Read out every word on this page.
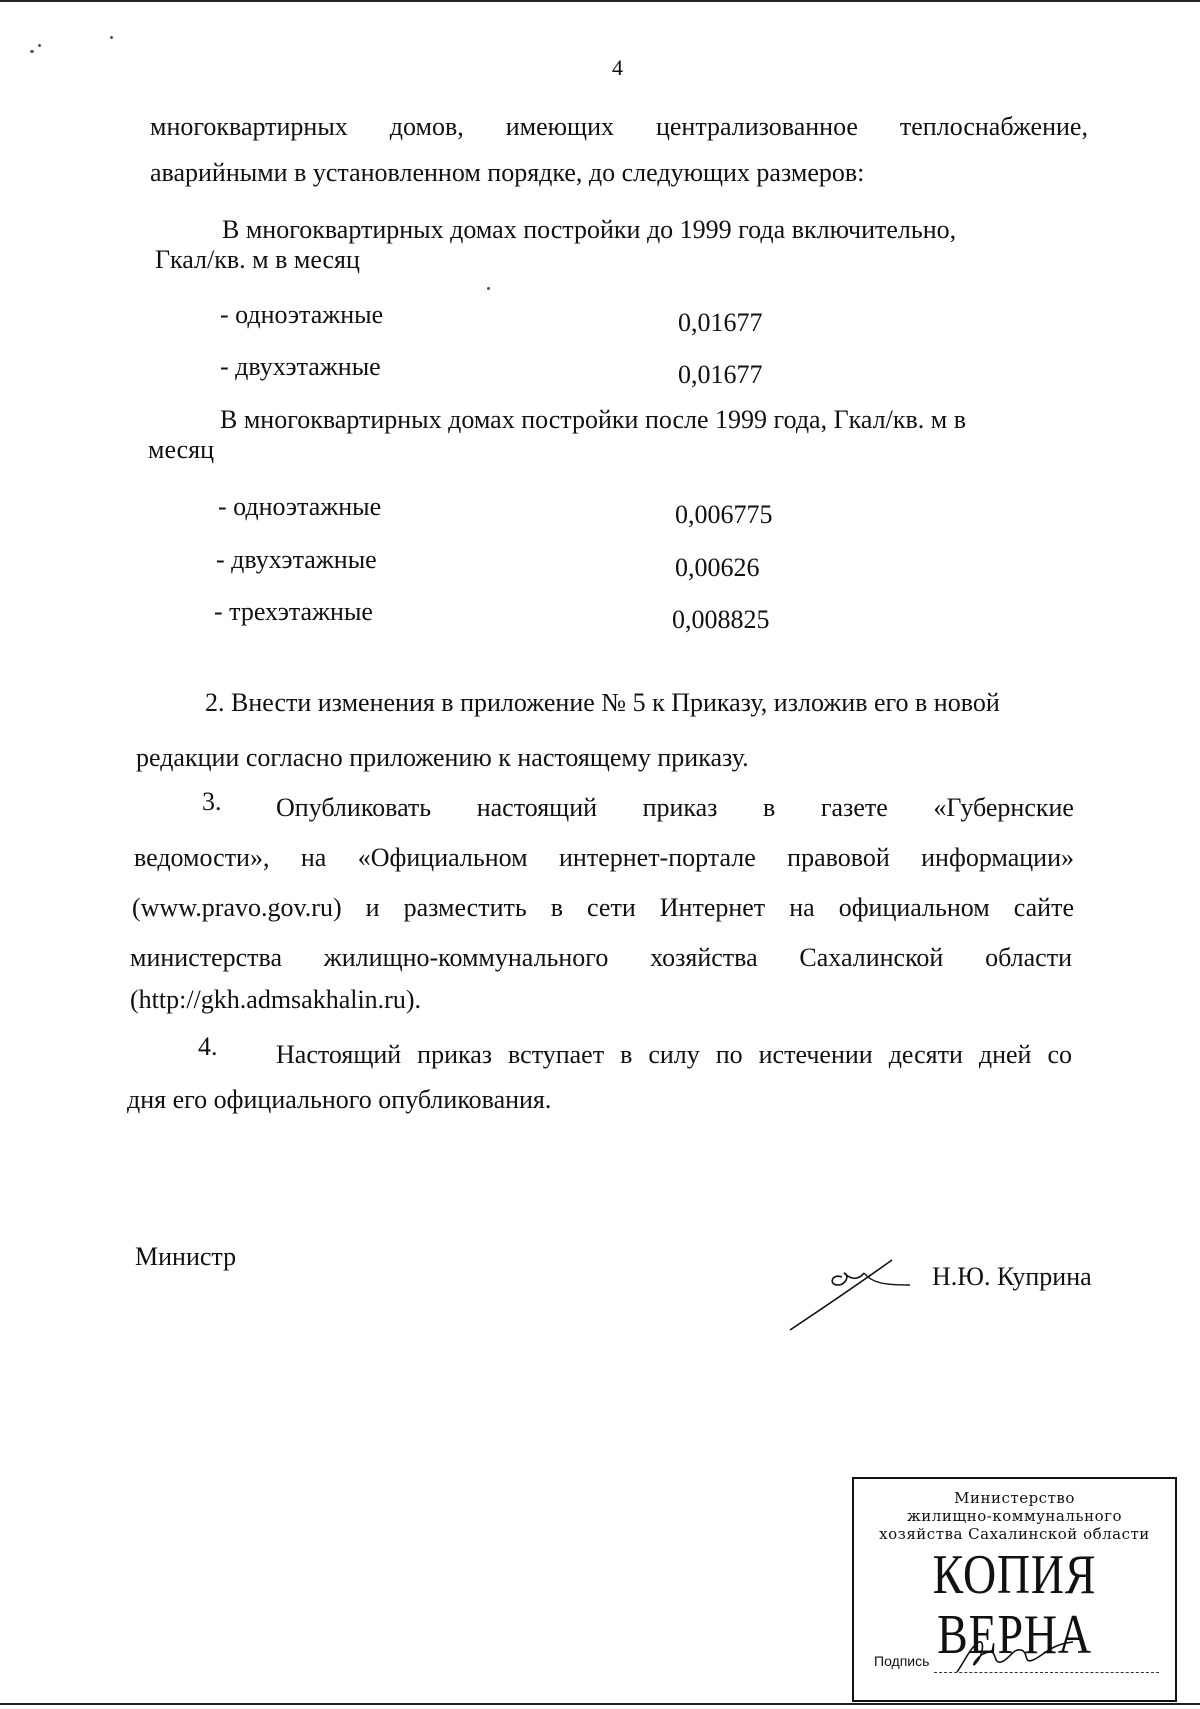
4
многоквартирных домов, имеющих централизованное теплоснабжение,
аварийными в установленном порядке, до следующих размеров:
В многоквартирных домах постройки до 1999 года включительно,
Гкал/кв. м в месяц
- одноэтажные	0,01677
- двухэтажные	0,01677
В многоквартирных домах постройки после 1999 года, Гкал/кв. м в
месяц
- одноэтажные	0,006775
- двухэтажные	0,00626
- трехэтажные	0,008825
2. Внести изменения в приложение № 5 к Приказу, изложив его в новой
редакции согласно приложению к настоящему приказу.
3. Опубликовать настоящий приказ в газете «Губернские
ведомости», на «Официальном интернет-портале правовой информации»
(www.pravo.gov.ru) и разместить в сети Интернет на официальном сайте
министерства жилищно-коммунального хозяйства Сахалинской области
(http://gkh.admsakhalin.ru).
4. Настоящий приказ вступает в силу по истечении десяти дней со
дня его официального опубликования.
Министр
Н.Ю. Куприна
Министерство
жилищно-коммунального
хозяйства Сахалинской области
КОПИЯ ВЕРНА
Подпись
